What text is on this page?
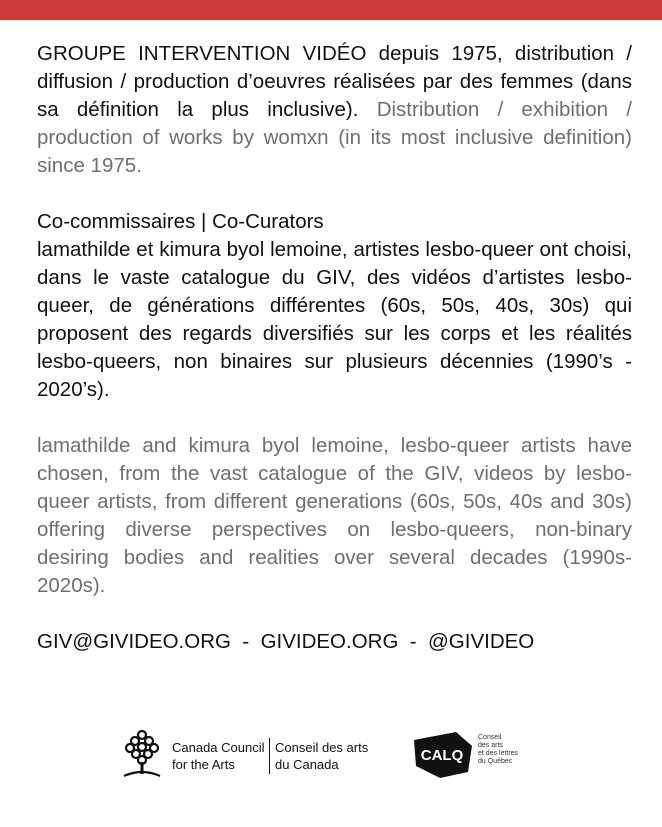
GROUPE INTERVENTION VIDÉO depuis 1975, distribution / diffusion / production d’oeuvres réalisées par des femmes (dans sa définition la plus inclusive). Distribution / exhibition / production of works by womxn (in its most inclusive definition) since 1975.

Co-commissaires | Co-Curators

lamathilde et kimura byol lemoine, artistes lesbo-queer ont choisi, dans le vaste catalogue du GIV, des vidéos d’artistes lesbo-queer, de générations différentes (60s, 50s, 40s, 30s) qui proposent des regards diversifiés sur les corps et les réalités lesbo-queers, non binaires sur plusieurs décennies (1990’s - 2020’s).

lamathilde and kimura byol lemoine, lesbo-queer artists have chosen, from the vast catalogue of the GIV, videos by lesbo-queer artists, from different generations (60s, 50s, 40s and 30s) offering diverse perspectives on lesbo-queers, non-binary desiring bodies and realities over several decades (1990s-2020s).

GIV@GIVIDEO.ORG  -  GIVIDEO.ORG  -  @GIVIDEO

Canada Council
for the Arts
Conseil des arts
du Canada
CALQ
Conseil
des arts
et des lettres
du Québec
